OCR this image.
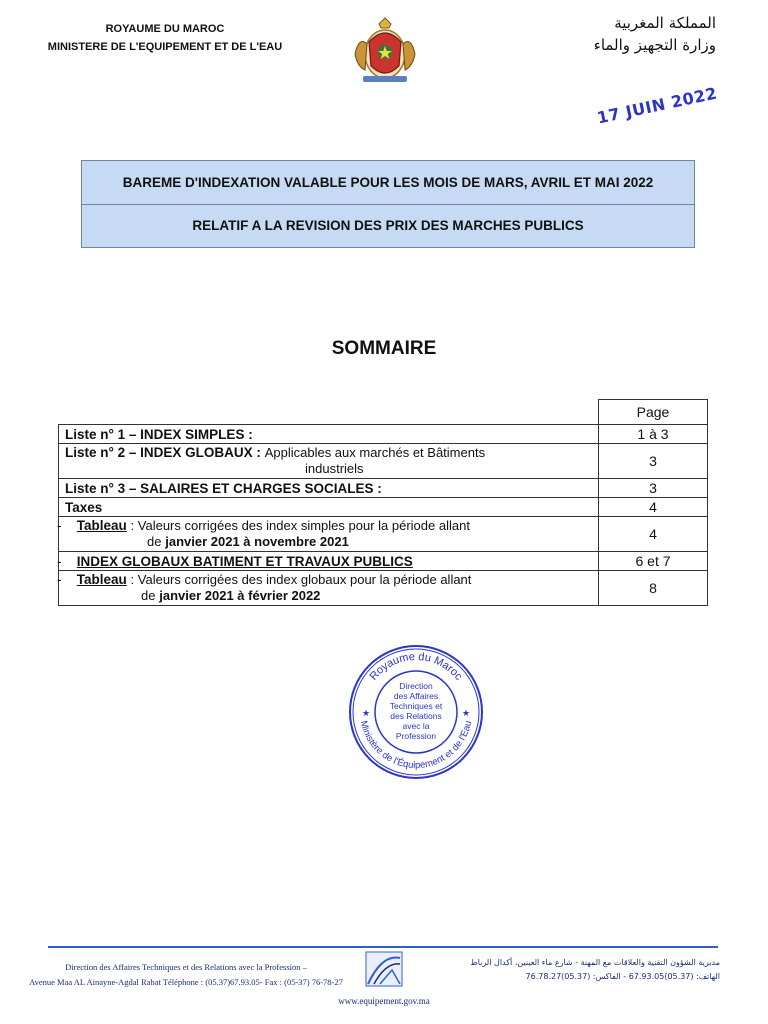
ROYAUME DU MAROC
MINISTERE DE L'EQUIPEMENT ET DE L'EAU
المملكة المغربية
وزارة التجهيز والماء
17 JUIN 2022
BAREME D'INDEXATION VALABLE POUR LES MOIS DE MARS, AVRIL ET MAI 2022
RELATIF A LA REVISION DES PRIX DES MARCHES PUBLICS
SOMMAIRE
	Page
Liste n° 1 – INDEX SIMPLES :	1 à 3
Liste n° 2 – INDEX GLOBAUX : Applicables aux marchés et Bâtiments
industriels	3
Liste n° 3 – SALAIRES ET CHARGES SOCIALES :	3
Taxes	4
- Tableau : Valeurs corrigées des index simples pour la période allant
de janvier 2021 à novembre 2021	4
- INDEX GLOBAUX BATIMENT ET TRAVAUX PUBLICS	6 et 7
- Tableau : Valeurs corrigées des index globaux pour la période allant
de janvier 2021 à février 2022	8
Royaume du Maroc
Ministère de l'Équipement et de l'Eau
Direction
des Affaires
Techniques et
des Relations
avec la
Profession
★	★
Direction des Affaires Techniques et des Relations avec la Profession –
Avenue Maa AL Ainayne-Agdal Rabat Téléphone : (05.37)67.93.05- Fax : (05-37) 76-78-27
مديرية الشؤون التقنية والعلاقات مع المهنة - شارع ماء العينين، أكدال الرباط
الهاتف: (05.37)67.93.05 - الفاكس: (05.37)76.78.27
www.equipement.gov.ma
